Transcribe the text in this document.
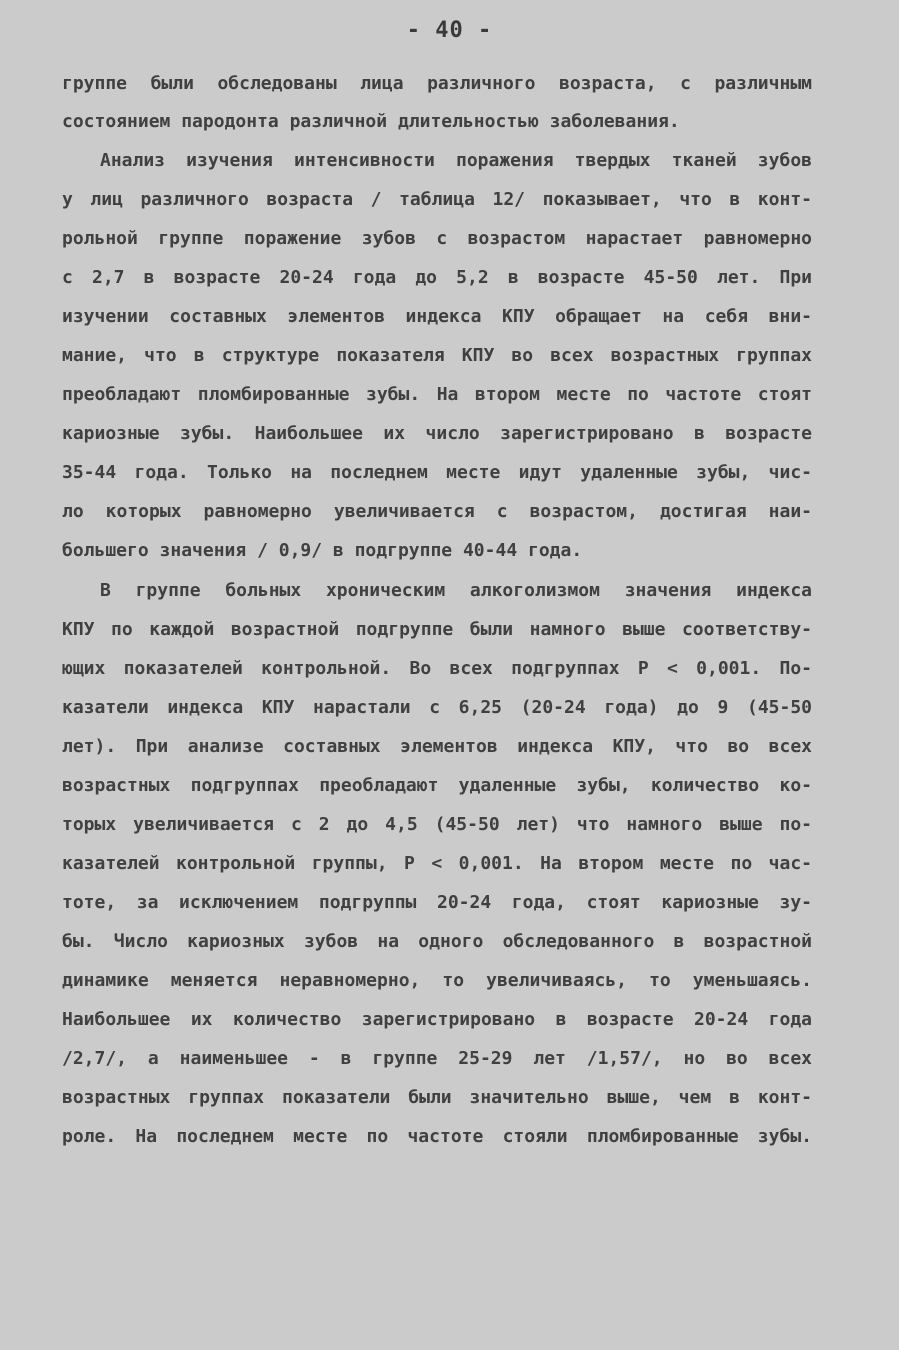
- 40 -
группе были обследованы лица различного возраста, с различным
состоянием пародонта различной длительностью заболевания.
Анализ изучения интенсивности поражения твердых тканей зубов
у лиц различного возраста / таблица 12/ показывает, что в конт-
рольной группе поражение зубов с возрастом нарастает равномерно
с 2,7 в возрасте 20-24 года до 5,2 в возрасте 45-50 лет. При
изучении составных элементов индекса КПУ обращает на себя вни-
мание, что в структуре показателя КПУ во всех возрастных группах
преобладают пломбированные зубы. На втором месте по частоте стоят
кариозные зубы. Наибольшее их число зарегистрировано в возрасте
35-44 года. Только на последнем месте идут удаленные зубы, чис-
ло которых равномерно увеличивается с возрастом, достигая наи-
большего значения / 0,9/ в подгруппе 40-44 года.
В группе больных хроническим алкоголизмом значения индекса
КПУ по каждой возрастной подгруппе были намного выше соответству-
ющих показателей контрольной. Во всех подгруппах P < 0,001. По-
казатели индекса КПУ нарастали с 6,25 (20-24 года) до 9 (45-50
лет). При анализе составных элементов индекса КПУ, что во всех
возрастных подгруппах преобладают удаленные зубы, количество ко-
торых увеличивается с 2 до 4,5 (45-50 лет) что намного выше по-
казателей контрольной группы, P < 0,001. На втором месте по час-
тоте, за исключением подгруппы 20-24 года, стоят кариозные зу-
бы. Число кариозных зубов на одного обследованного в возрастной
динамике меняется неравномерно, то увеличиваясь, то уменьшаясь.
Наибольшее их количество зарегистрировано в возрасте 20-24 года
/2,7/, а наименьшее - в группе 25-29 лет /1,57/, но во всех
возрастных группах показатели были значительно выше, чем в конт-
роле. На последнем месте по частоте стояли пломбированные зубы.
